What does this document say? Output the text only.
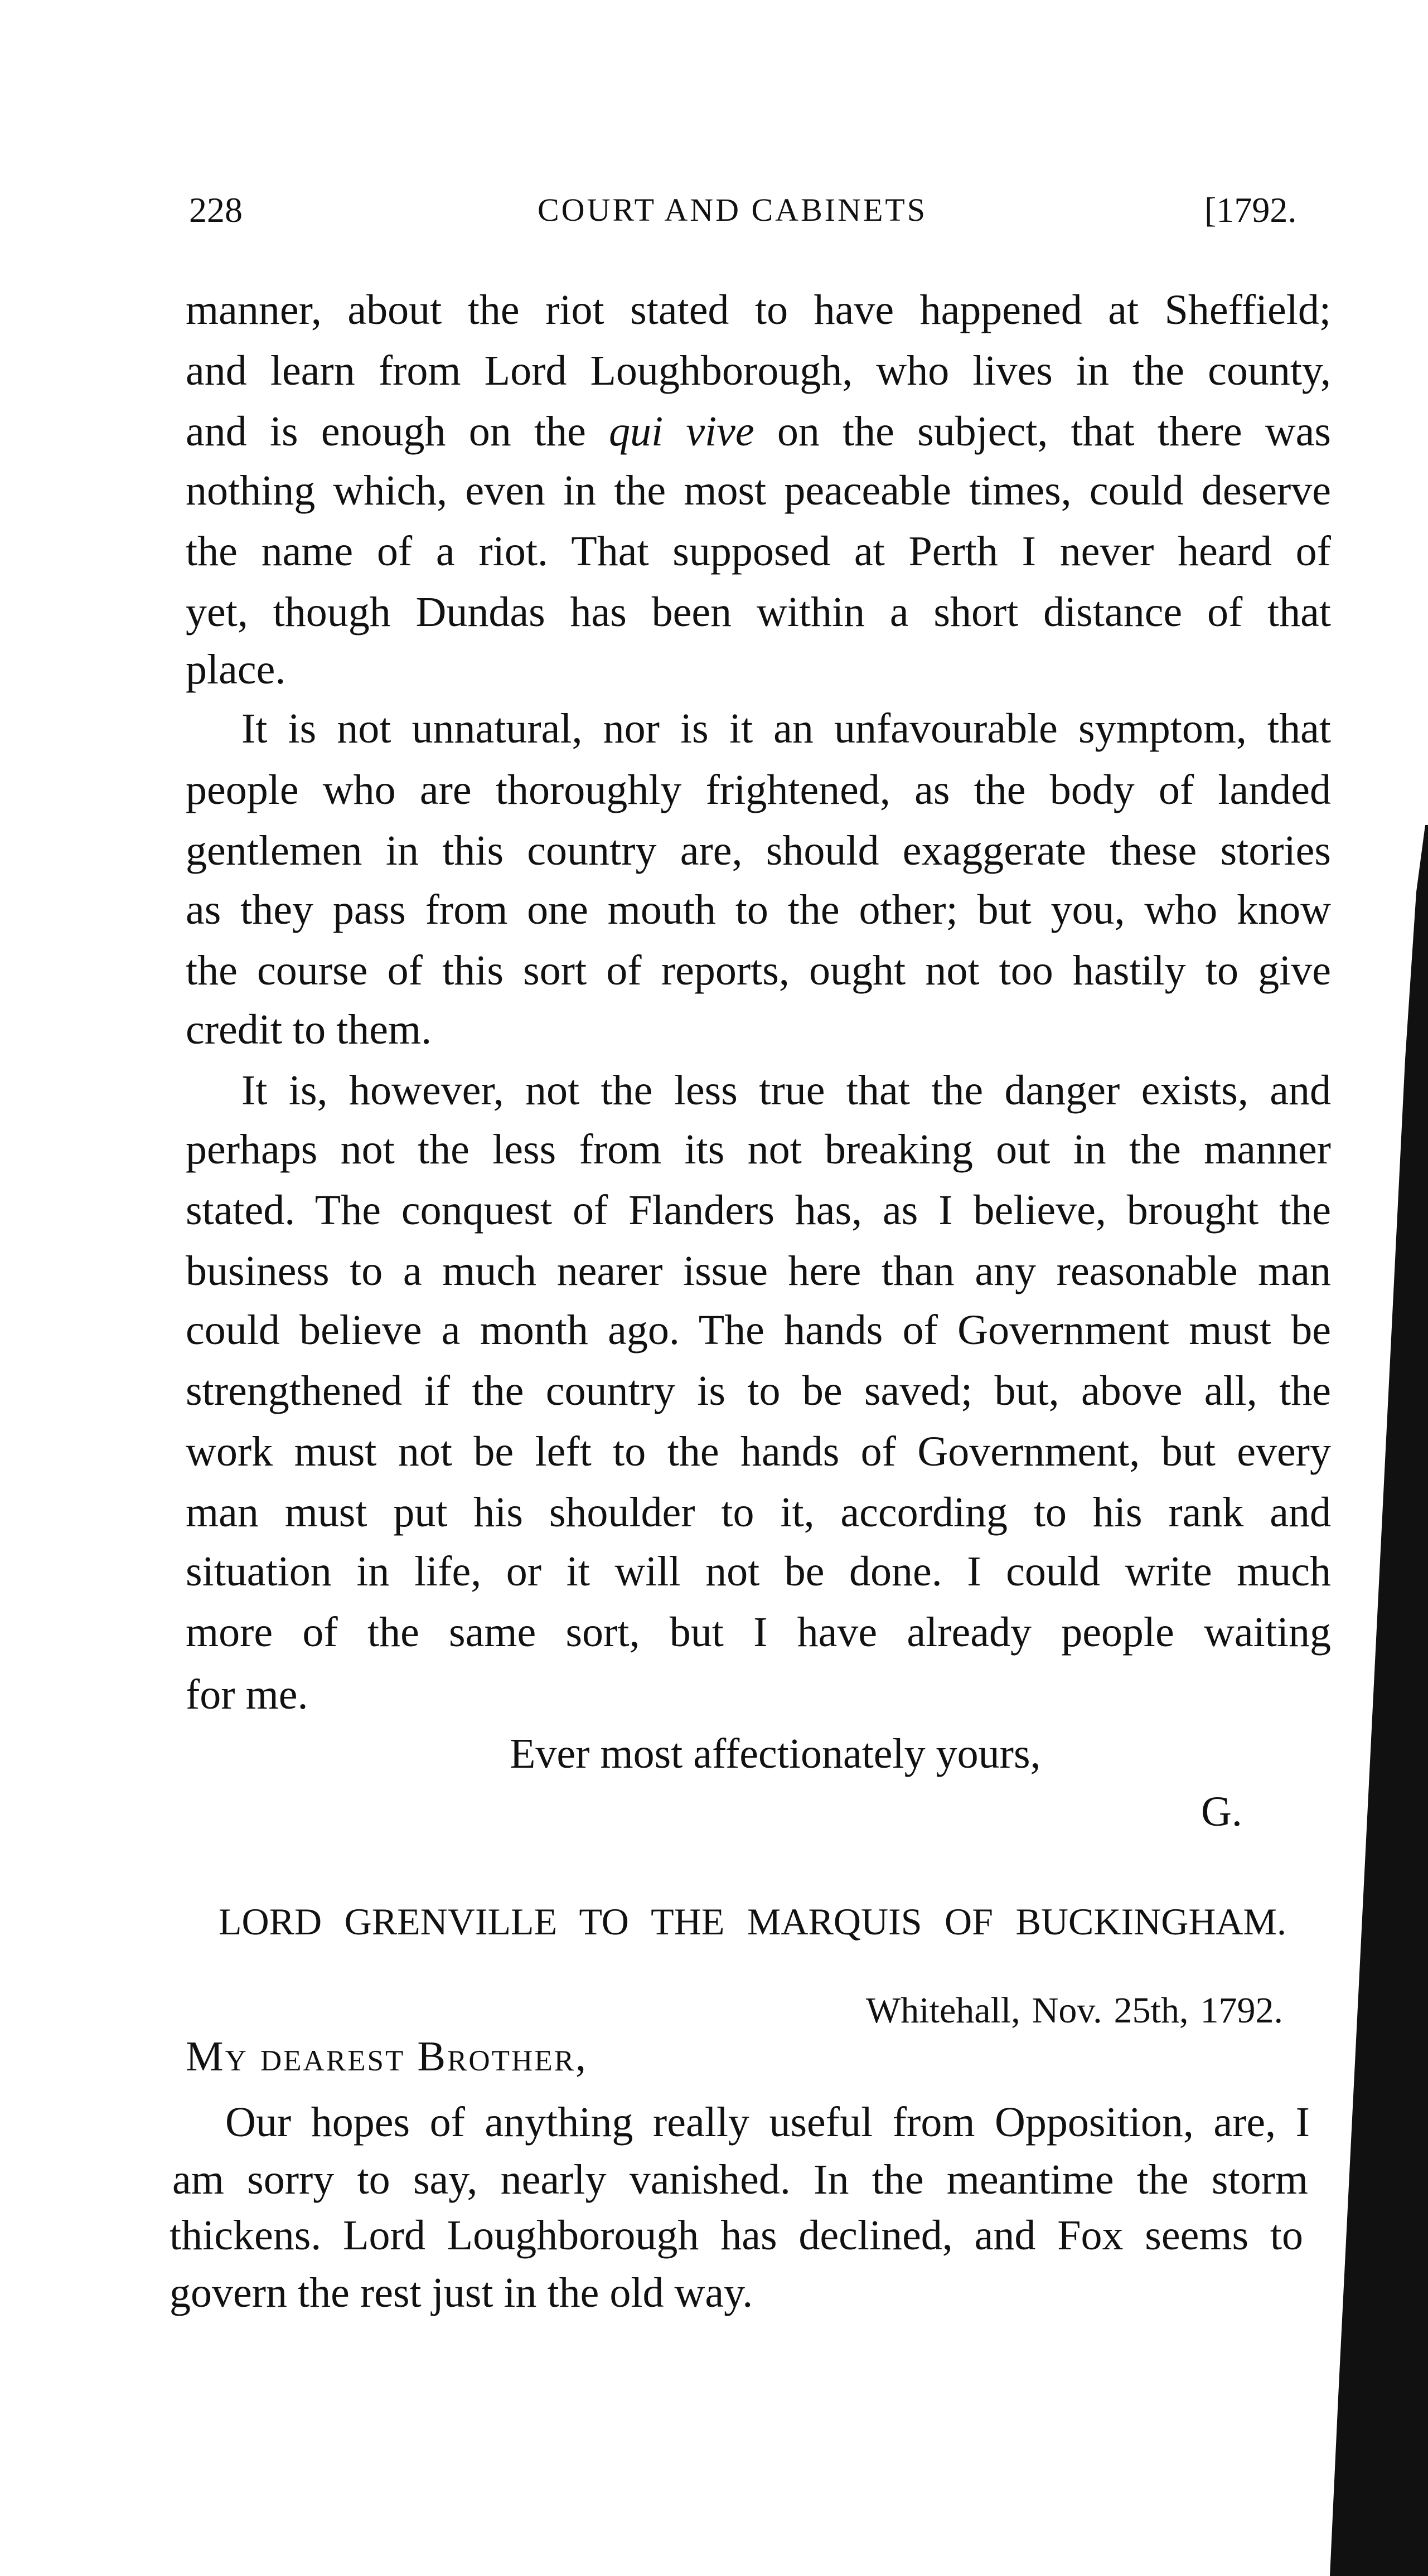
228	COURT AND CABINETS	[1792.
manner, about the riot stated to have happened at Sheffield;
and learn from Lord Loughborough, who lives in the county,
and is enough on the qui vive on the subject, that there was
nothing which, even in the most peaceable times, could deserve
the name of a riot. That supposed at Perth I never heard of
yet, though Dundas has been within a short distance of that
place.
It is not unnatural, nor is it an unfavourable symptom, that
people who are thoroughly frightened, as the body of landed
gentlemen in this country are, should exaggerate these stories
as they pass from one mouth to the other; but you, who know
the course of this sort of reports, ought not too hastily to give
credit to them.
It is, however, not the less true that the danger exists, and
perhaps not the less from its not breaking out in the manner
stated. The conquest of Flanders has, as I believe, brought the
business to a much nearer issue here than any reasonable man
could believe a month ago. The hands of Government must be
strengthened if the country is to be saved; but, above all, the
work must not be left to the hands of Government, but every
man must put his shoulder to it, according to his rank and
situation in life, or it will not be done. I could write much
more of the same sort, but I have already people waiting
for me.
Ever most affectionately yours,
G.
LORD GRENVILLE TO THE MARQUIS OF BUCKINGHAM.
Whitehall, Nov. 25th, 1792.
My dearest Brother,
Our hopes of anything really useful from Opposition, are, I
am sorry to say, nearly vanished. In the meantime the storm
thickens. Lord Loughborough has declined, and Fox seems to
govern the rest just in the old way.
